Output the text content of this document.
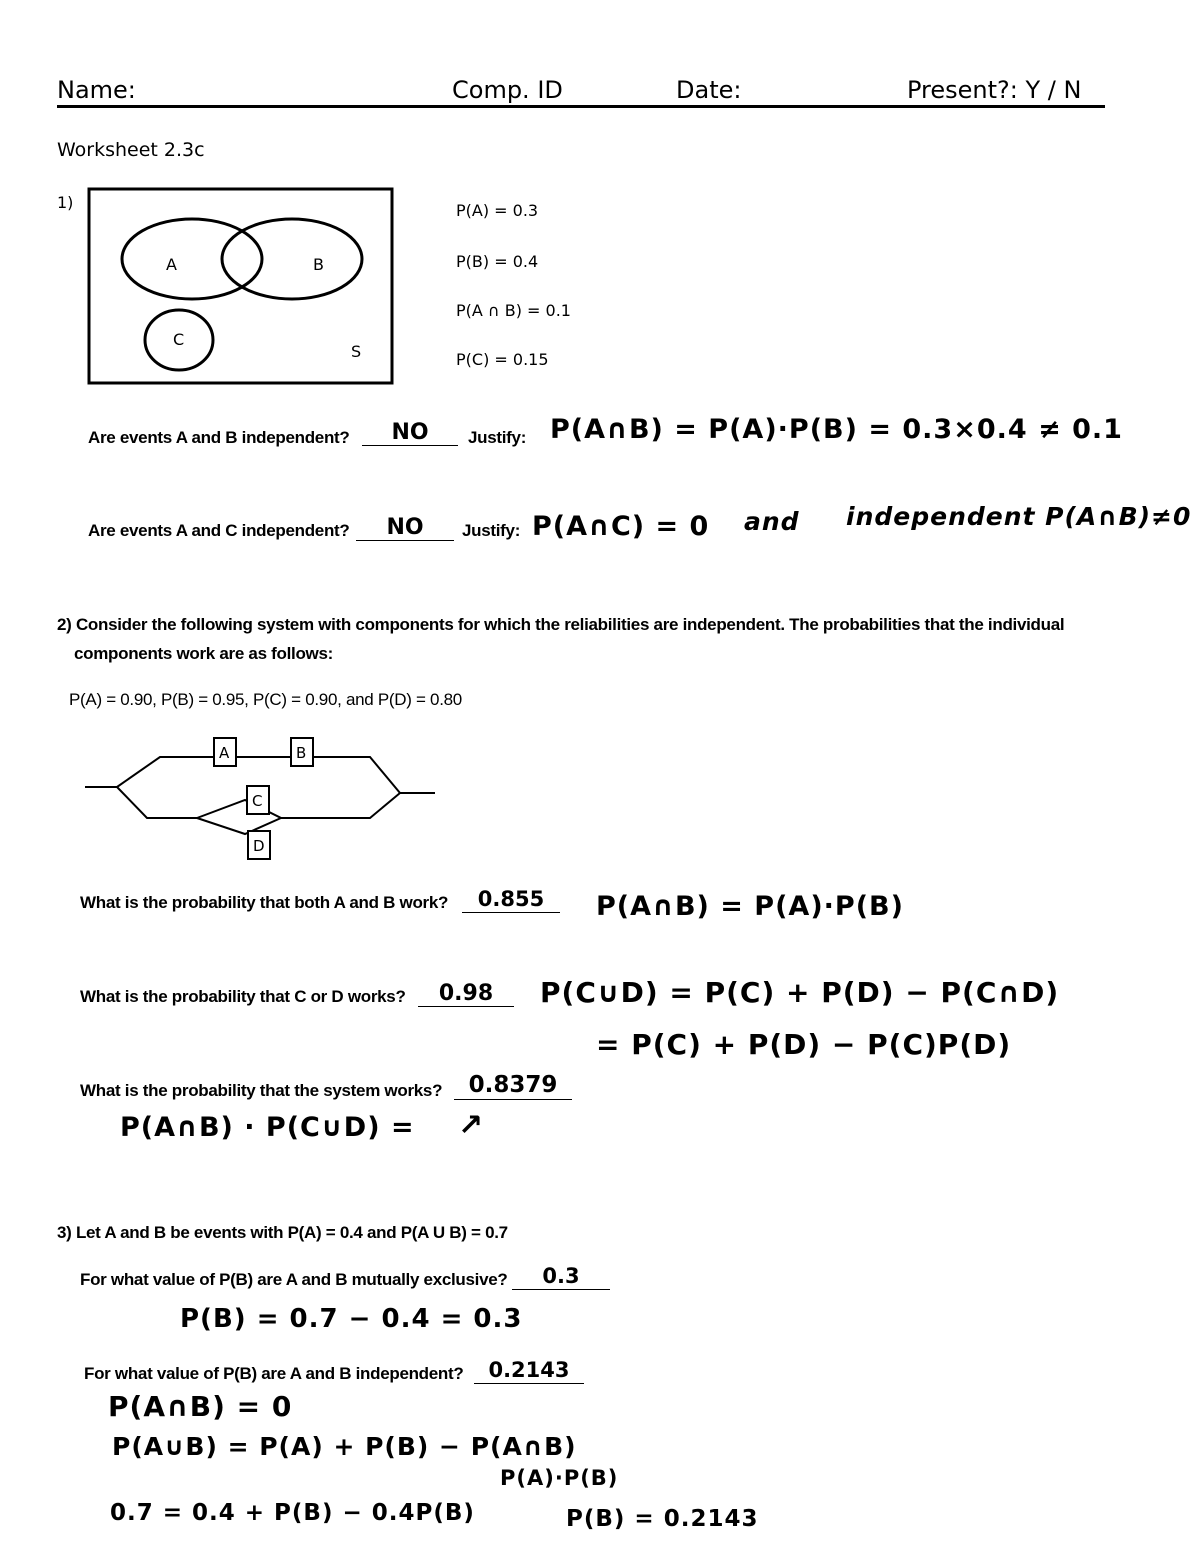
Name:	Comp. ID	Date:	Present?: Y / N
Worksheet 2.3c
1)
A	B
C
S
P(A) = 0.3
P(B) = 0.4
P(A ∩ B) = 0.1
P(C) = 0.15
Are events A and B independent?	NO	Justify: P(A∩B) = P(A)·P(B) = 0.3×0.4 ≠ 0.1
Are events A and C independent?	NO	Justify: P(A∩C) = 0 and independent P(A∩B)≠0
2) Consider the following system with components for which the reliabilities are independent. The probabilities that the individual
components work are as follows:
P(A) = 0.90, P(B) = 0.95, P(C) = 0.90, and P(D) = 0.80
A	B
C
D
What is the probability that both A and B work?	0.855	P(A∩B) = P(A)·P(B)
What is the probability that C or D works?	0.98	P(C∪D) = P(C) + P(D) − P(C∩D)
= P(C) + P(D) − P(C)P(D)
What is the probability that the system works?	0.8379
P(A∩B) · P(C∪D) = ↗
3) Let A and B be events with P(A) = 0.4 and P(A U B) = 0.7
For what value of P(B) are A and B mutually exclusive?	0.3
P(B) = 0.7 − 0.4 = 0.3
For what value of P(B) are A and B independent?	0.2143
P(A∩B) = 0
P(A∪B) = P(A) + P(B) − P(A∩B)
P(A)·P(B)
0.7 = 0.4 + P(B) − 0.4P(B)	P(B) = 0.2143
